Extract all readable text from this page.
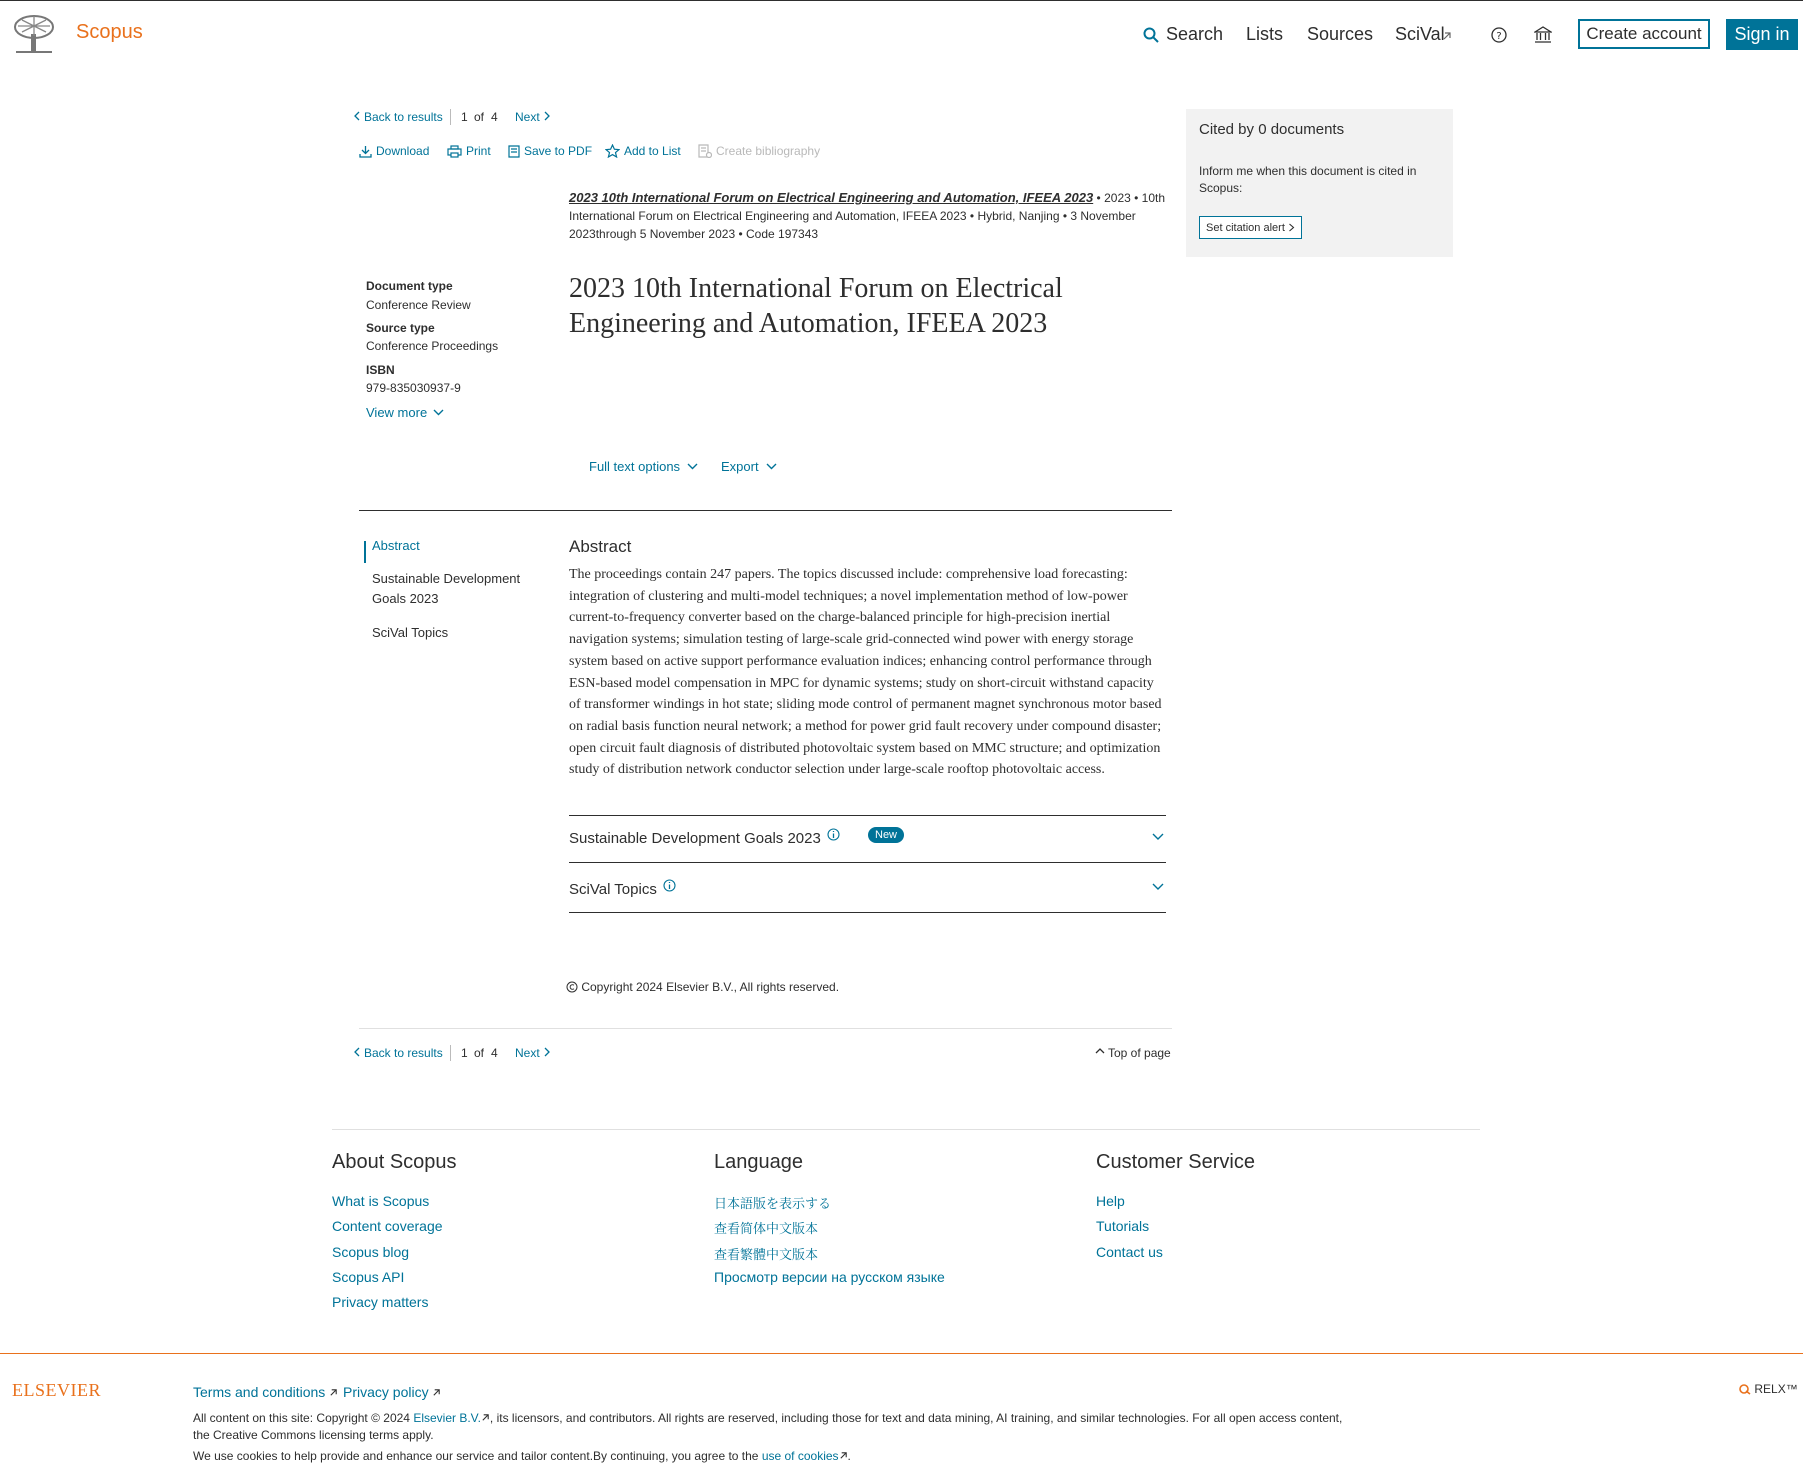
Scopus	Search Lists Sources SciVal	?	Create account	Sign in
Back to results 1 of 4 Next
Download	Print	Save to PDF	Add to List	Create bibliography
2023 10th International Forum on Electrical Engineering and Automation, IFEEA 2023 • 2023 • 10th International Forum on Electrical Engineering and Automation, IFEEA 2023 • Hybrid, Nanjing • 3 November 2023through 5 November 2023 • Code 197343
Document type
Conference Review
Source type
Conference Proceedings
ISBN
979-835030937-9
View more
2023 10th International Forum on Electrical Engineering and Automation, IFEEA 2023
Full text options	Export
Abstract
Sustainable Development Goals 2023
SciVal Topics
Abstract
The proceedings contain 247 papers. The topics discussed include: comprehensive load forecasting: integration of clustering and multi-model techniques; a novel implementation method of low-power current-to-frequency converter based on the charge-balanced principle for high-precision inertial navigation systems; simulation testing of large-scale grid-connected wind power with energy storage system based on active support performance evaluation indices; enhancing control performance through ESN-based model compensation in MPC for dynamic systems; study on short-circuit withstand capacity of transformer windings in hot state; sliding mode control of permanent magnet synchronous motor based on radial basis function neural network; a method for power grid fault recovery under compound disaster; open circuit fault diagnosis of distributed photovoltaic system based on MMC structure; and optimization study of distribution network conductor selection under large-scale rooftop photovoltaic access.
Sustainable Development Goals 2023	New
SciVal Topics
Copyright 2024 Elsevier B.V., All rights reserved.
Back to results 1 of 4 Next	Top of page
Cited by 0 documents
Inform me when this document is cited in Scopus:
Set citation alert
About Scopus
What is Scopus
Content coverage
Scopus blog
Scopus API
Privacy matters
Language
日本語版を表示する
查看简体中文版本
查看繁體中文版本
Просмотр версии на русском языке
Customer Service
Help
Tutorials
Contact us
ELSEVIER	Terms and conditions	Privacy policy
All content on this site: Copyright © 2024 Elsevier B.V. , its licensors, and contributors. All rights are reserved, including those for text and data mining, AI training, and similar technologies. For all open access content, the Creative Commons licensing terms apply.
We use cookies to help provide and enhance our service and tailor content.By continuing, you agree to the use of cookies .
RELX™
